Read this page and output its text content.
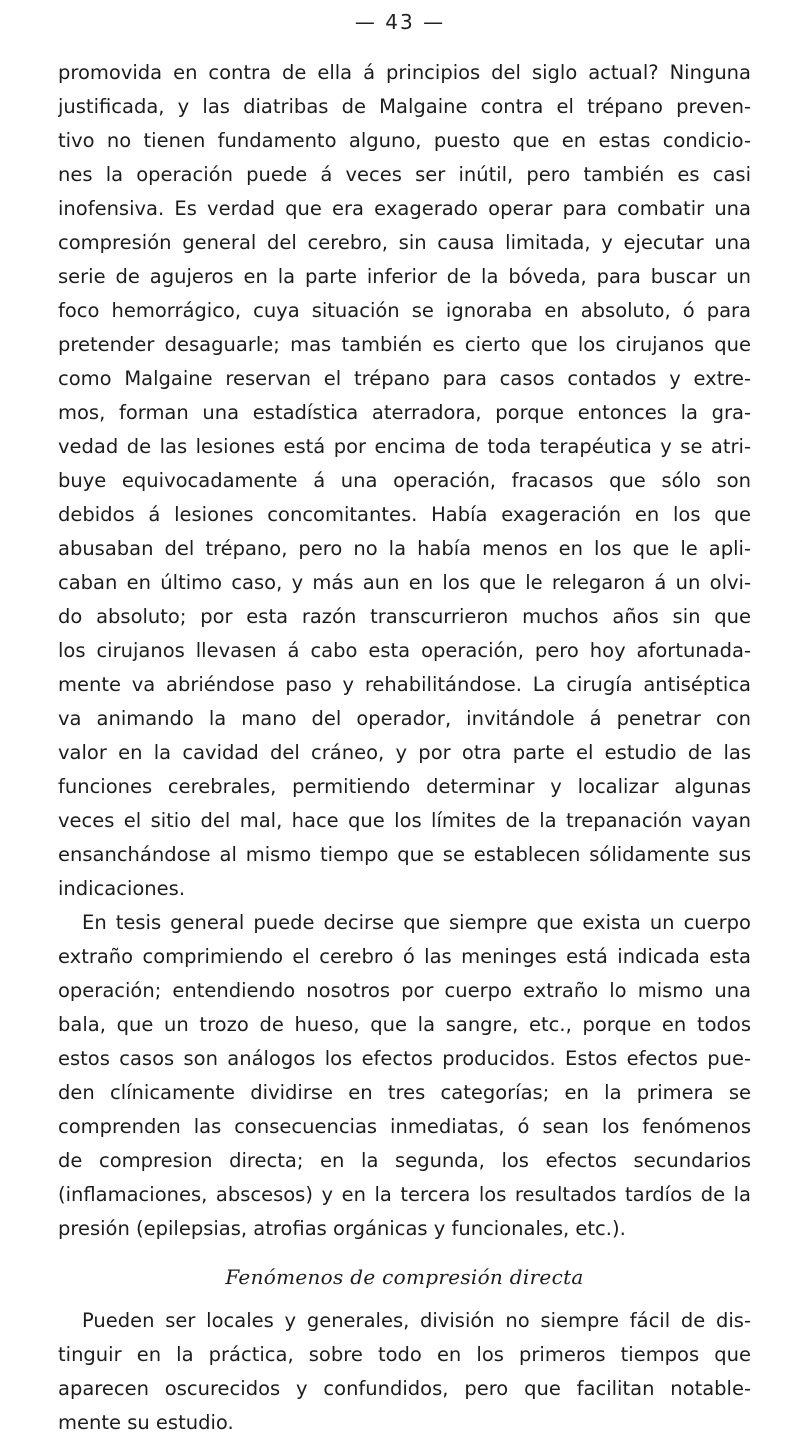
— 43 —
promovida en contra de ella á principios del siglo actual? Ninguna
justificada, y las diatribas de Malgaine contra el trépano preven-
tivo no tienen fundamento alguno, puesto que en estas condicio-
nes la operación puede á veces ser inútil, pero también es casi
inofensiva. Es verdad que era exagerado operar para combatir una
compresión general del cerebro, sin causa limitada, y ejecutar una
serie de agujeros en la parte inferior de la bóveda, para buscar un
foco hemorrágico, cuya situación se ignoraba en absoluto, ó para
pretender desaguarle; mas también es cierto que los cirujanos que
como Malgaine reservan el trépano para casos contados y extre-
mos, forman una estadística aterradora, porque entonces la gra-
vedad de las lesiones está por encima de toda terapéutica y se atri-
buye equivocadamente á una operación, fracasos que sólo son
debidos á lesiones concomitantes. Había exageración en los que
abusaban del trépano, pero no la había menos en los que le apli-
caban en último caso, y más aun en los que le relegaron á un olvi-
do absoluto; por esta razón transcurrieron muchos años sin que
los cirujanos llevasen á cabo esta operación, pero hoy afortunada-
mente va abriéndose paso y rehabilitándose. La cirugía antiséptica
va animando la mano del operador, invitándole á penetrar con
valor en la cavidad del cráneo, y por otra parte el estudio de las
funciones cerebrales, permitiendo determinar y localizar algunas
veces el sitio del mal, hace que los límites de la trepanación vayan
ensanchándose al mismo tiempo que se establecen sólidamente sus
indicaciones.
En tesis general puede decirse que siempre que exista un cuerpo
extraño comprimiendo el cerebro ó las meninges está indicada esta
operación; entendiendo nosotros por cuerpo extraño lo mismo una
bala, que un trozo de hueso, que la sangre, etc., porque en todos
estos casos son análogos los efectos producidos. Estos efectos pue-
den clínicamente dividirse en tres categorías; en la primera se
comprenden las consecuencias inmediatas, ó sean los fenómenos
de compresion directa; en la segunda, los efectos secundarios
(inflamaciones, abscesos) y en la tercera los resultados tardíos de la
presión (epilepsias, atrofias orgánicas y funcionales, etc.).
Fenómenos de compresión directa
Pueden ser locales y generales, división no siempre fácil de dis-
tinguir en la práctica, sobre todo en los primeros tiempos que
aparecen oscurecidos y confundidos, pero que facilitan notable-
mente su estudio.
